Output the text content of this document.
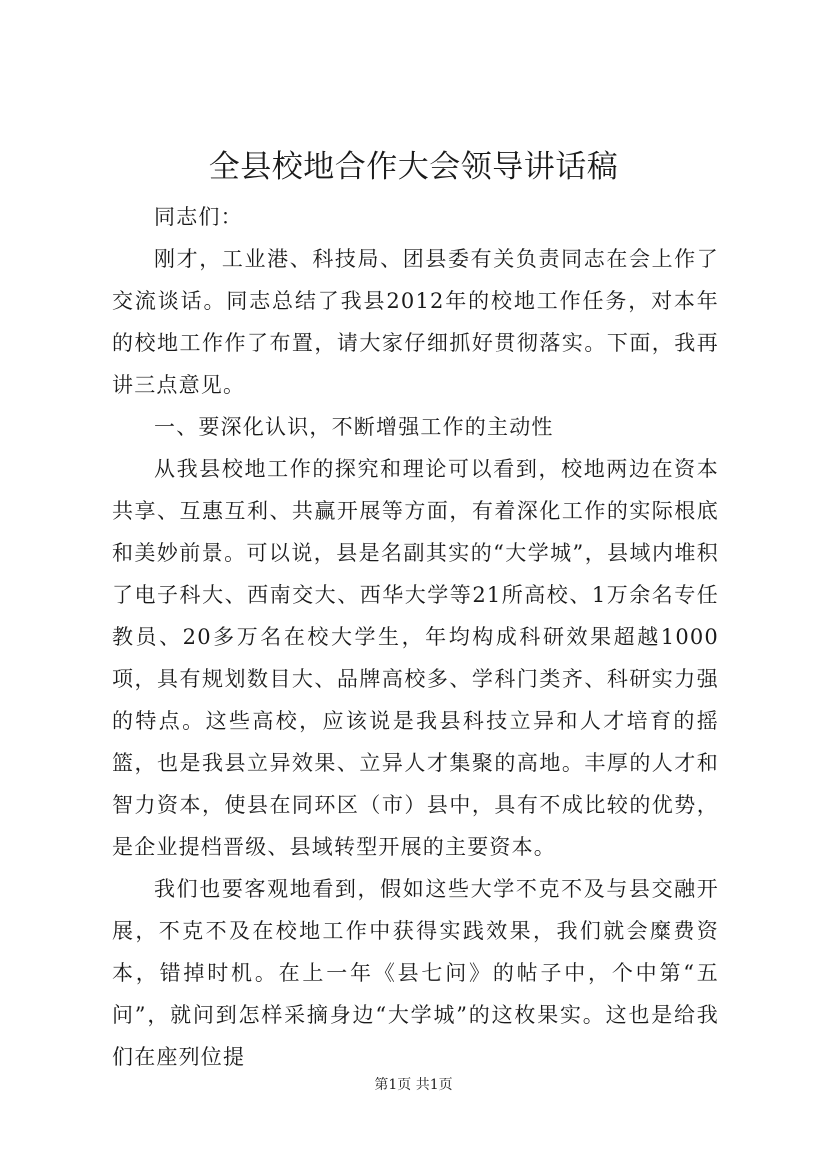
全县校地合作大会领导讲话稿

同志们：

刚才，工业港、科技局、团县委有关负责同志在会上作了交流谈话。同志总结了我县2012年的校地工作任务，对本年的校地工作作了布置，请大家仔细抓好贯彻落实。下面，我再讲三点意见。

一、要深化认识，不断增强工作的主动性

从我县校地工作的探究和理论可以看到，校地两边在资本共享、互惠互利、共赢开展等方面，有着深化工作的实际根底和美妙前景。可以说，县是名副其实的“大学城”，县域内堆积了电子科大、西南交大、西华大学等21所高校、1万余名专任教员、20多万名在校大学生，年均构成科研效果超越1000项，具有规划数目大、品牌高校多、学科门类齐、科研实力强的特点。这些高校，应该说是我县科技立异和人才培育的摇篮，也是我县立异效果、立异人才集聚的高地。丰厚的人才和智力资本，使县在同环区（市）县中，具有不成比较的优势，是企业提档晋级、县域转型开展的主要资本。

我们也要客观地看到，假如这些大学不克不及与县交融开展，不克不及在校地工作中获得实践效果，我们就会糜费资本，错掉时机。在上一年《县七问》的帖子中，个中第“五问”，就问到怎样采摘身边“大学城”的这枚果实。这也是给我们在座列位提

第1页 共1页
